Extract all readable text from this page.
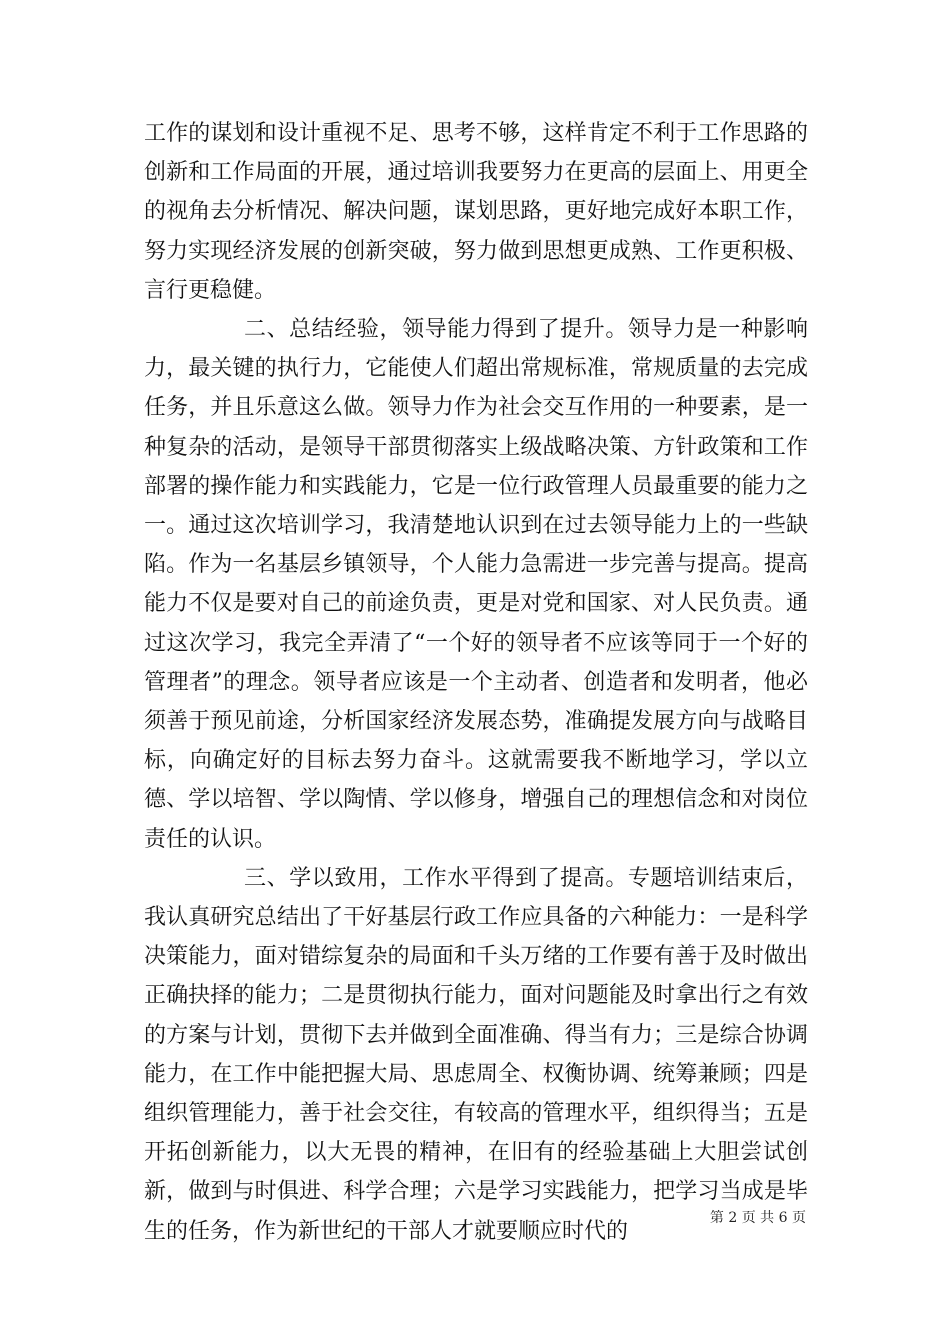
工作的谋划和设计重视不足、思考不够，这样肯定不利于工作思路的创新和工作局面的开展，通过培训我要努力在更高的层面上、用更全的视角去分析情况、解决问题，谋划思路，更好地完成好本职工作，努力实现经济发展的创新突破，努力做到思想更成熟、工作更积极、言行更稳健。

二、总结经验，领导能力得到了提升。领导力是一种影响力，最关键的执行力，它能使人们超出常规标准，常规质量的去完成任务，并且乐意这么做。领导力作为社会交互作用的一种要素，是一种复杂的活动，是领导干部贯彻落实上级战略决策、方针政策和工作部署的操作能力和实践能力，它是一位行政管理人员最重要的能力之一。通过这次培训学习，我清楚地认识到在过去领导能力上的一些缺陷。作为一名基层乡镇领导，个人能力急需进一步完善与提高。提高能力不仅是要对自己的前途负责，更是对党和国家、对人民负责。通过这次学习，我完全弄清了“一个好的领导者不应该等同于一个好的管理者”的理念。领导者应该是一个主动者、创造者和发明者，他必须善于预见前途，分析国家经济发展态势，准确提发展方向与战略目标，向确定好的目标去努力奋斗。这就需要我不断地学习，学以立德、学以培智、学以陶情、学以修身，增强自己的理想信念和对岗位责任的认识。

三、学以致用，工作水平得到了提高。专题培训结束后，我认真研究总结出了干好基层行政工作应具备的六种能力：一是科学决策能力，面对错综复杂的局面和千头万绪的工作要有善于及时做出正确抉择的能力；二是贯彻执行能力，面对问题能及时拿出行之有效的方案与计划，贯彻下去并做到全面准确、得当有力；三是综合协调能力，在工作中能把握大局、思虑周全、权衡协调、统筹兼顾；四是组织管理能力，善于社会交往，有较高的管理水平，组织得当；五是开拓创新能力，以大无畏的精神，在旧有的经验基础上大胆尝试创新，做到与时俱进、科学合理；六是学习实践能力，把学习当成是毕生的任务，作为新世纪的干部人才就要顺应时代的

第 2 页 共 6 页
